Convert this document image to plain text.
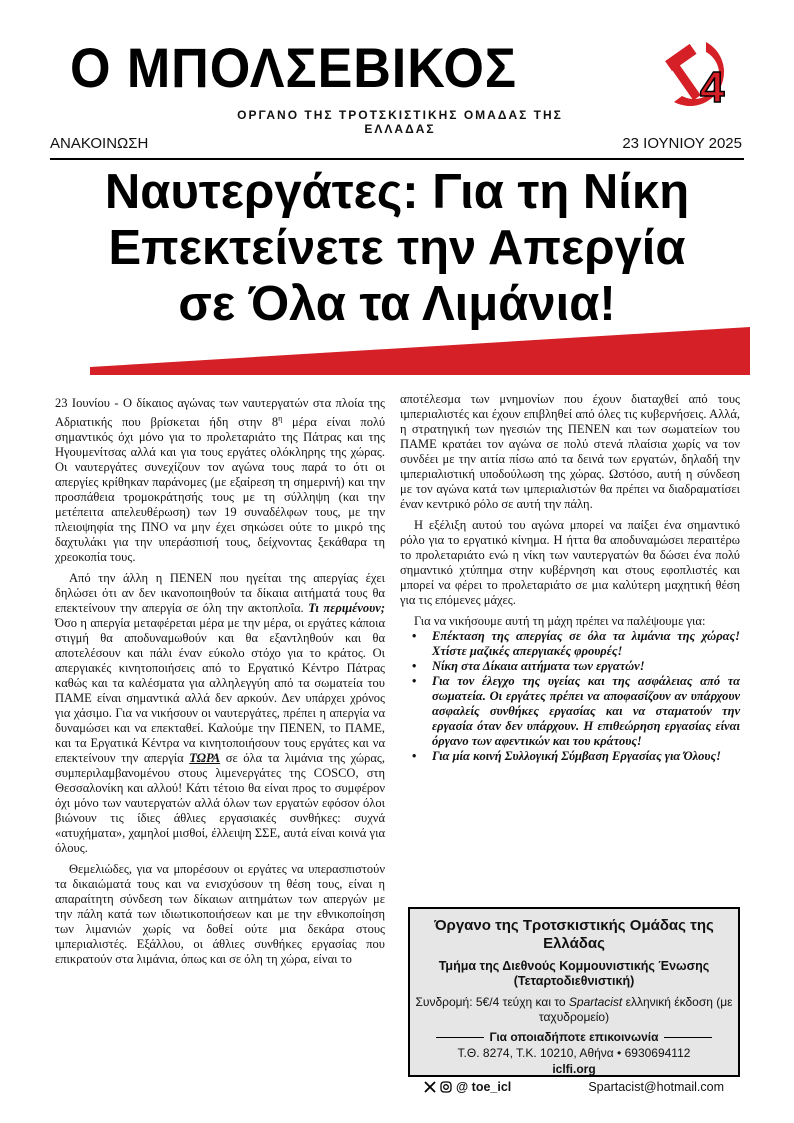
Ο ΜΠΟΛΣΕΒΙΚΟΣ	4
ΟΡΓΑΝΟ ΤΗΣ ΤΡΟΤΣΚΙΣΤΙΚΗΣ ΟΜΑΔΑΣ ΤΗΣ ΕΛΛΑΔΑΣ
ΑΝΑΚΟΙΝΩΣΗ	23 ΙΟΥΝΙΟΥ 2025
Ναυτεργάτες: Για τη Νίκη
Επεκτείνετε την Απεργία
σε Όλα τα Λιμάνια!

23 Ιουνίου - Ο δίκαιος αγώνας των ναυτεργατών στα πλοία της Αδριατικής που βρίσκεται ήδη στην $8^\eta$ μέρα είναι πολύ σημαντικός όχι μόνο για το προλεταριάτο της Πάτρας και της Ηγουμενίτσας αλλά και για τους εργάτες ολόκληρης της χώρας. Οι ναυτεργάτες συνεχίζουν τον αγώνα τους παρά το ότι οι απεργίες κρίθηκαν παράνομες (με εξαίρεση τη σημερινή) και την προσπάθεια τρομοκράτησής τους με τη σύλληψη (και την μετέπειτα απελευθέρωση) των 19 συναδέλφων τους, με την πλειοψηφία της ΠΝΟ να μην έχει σηκώσει ούτε το μικρό της δαχτυλάκι για την υπεράσπισή τους, δείχνοντας ξεκάθαρα τη χρεοκοπία τους.

Από την άλλη η ΠΕΝΕΝ που ηγείται της απεργίας έχει δηλώσει ότι αν δεν ικανοποιηθούν τα δίκαια αιτήματά τους θα επεκτείνουν την απεργία σε όλη την ακτοπλοΐα. Τι περιμένουν; Όσο η απεργία μεταφέρεται μέρα με την μέρα, οι εργάτες κάποια στιγμή θα αποδυναμωθούν και θα εξαντληθούν και θα αποτελέσουν και πάλι έναν εύκολο στόχο για το κράτος. Οι απεργιακές κινητοποιήσεις από το Εργατικό Κέντρο Πάτρας καθώς και τα καλέσματα για αλληλεγγύη από τα σωματεία του ΠΑΜΕ είναι σημαντικά αλλά δεν αρκούν. Δεν υπάρχει χρόνος για χάσιμο. Για να νικήσουν οι ναυτεργάτες, πρέπει η απεργία να δυναμώσει και να επεκταθεί. Καλούμε την ΠΕΝΕΝ, το ΠΑΜΕ, και τα Εργατικά Κέντρα να κινητοποιήσουν τους εργάτες και να επεκτείνουν την απεργία ΤΩΡΑ σε όλα τα λιμάνια της χώρας, συμπεριλαμβανομένου στους λιμενεργάτες της COSCO, στη Θεσσαλονίκη και αλλού! Κάτι τέτοιο θα είναι προς το συμφέρον όχι μόνο των ναυτεργατών αλλά όλων των εργατών εφόσον όλοι βιώνουν τις ίδιες άθλιες εργασιακές συνθήκες: συχνά «ατυχήματα», χαμηλοί μισθοί, έλλειψη ΣΣΕ, αυτά είναι κοινά για όλους.

Θεμελιώδες, για να μπορέσουν οι εργάτες να υπερασπιστούν τα δικαιώματά τους και να ενισχύσουν τη θέση τους, είναι η απαραίτητη σύνδεση των δίκαιων αιτημάτων των απεργών με την πάλη κατά των ιδιωτικοποιήσεων και με την εθνικοποίηση των λιμανιών χωρίς να δοθεί ούτε μια δεκάρα στους ιμπεριαλιστές. Εξάλλου, οι άθλιες συνθήκες εργασίας που επικρατούν στα λιμάνια, όπως και σε όλη τη χώρα, είναι το

αποτέλεσμα των μνημονίων που έχουν διαταχθεί από τους ιμπεριαλιστές και έχουν επιβληθεί από όλες τις κυβερνήσεις. Αλλά, η στρατηγική των ηγεσιών της ΠΕΝΕΝ και των σωματείων του ΠΑΜΕ κρατάει τον αγώνα σε πολύ στενά πλαίσια χωρίς να τον συνδέει με την αιτία πίσω από τα δεινά των εργατών, δηλαδή την ιμπεριαλιστική υποδούλωση της χώρας. Ωστόσο, αυτή η σύνδεση με τον αγώνα κατά των ιμπεριαλιστών θα πρέπει να διαδραματίσει έναν κεντρικό ρόλο σε αυτή την πάλη.

Η εξέλιξη αυτού του αγώνα μπορεί να παίξει ένα σημαντικό ρόλο για το εργατικό κίνημα. Η ήττα θα αποδυναμώσει περαιτέρω το προλεταριάτο ενώ η νίκη των ναυτεργατών θα δώσει ένα πολύ σημαντικό χτύπημα στην κυβέρνηση και στους εφοπλιστές και μπορεί να φέρει το προλεταριάτο σε μια καλύτερη μαχητική θέση για τις επόμενες μάχες.

Για να νικήσουμε αυτή τη μάχη πρέπει να παλέψουμε για:

• Επέκταση της απεργίας σε όλα τα λιμάνια της χώρας! Χτίστε μαζικές απεργιακές φρουρές!
• Νίκη στα Δίκαια αιτήματα των εργατών!
• Για τον έλεγχο της υγείας και της ασφάλειας από τα σωματεία. Οι εργάτες πρέπει να αποφασίζουν αν υπάρχουν ασφαλείς συνθήκες εργασίας και να σταματούν την εργασία όταν δεν υπάρχουν. Η επιθεώρηση εργασίας είναι όργανο των αφεντικών και του κράτους!
• Για μία κοινή Συλλογική Σύμβαση Εργασίας για Όλους!
Όργανο της Τροτσκιστικής Ομάδας της Ελλάδας
Τμήμα της Διεθνούς Κομμουνιστικής Ένωσης (Τεταρτοδιεθνιστική)
Συνδρομή: 5€/4 τεύχη και το Spartacist ελληνική έκδοση (με ταχυδρομείο)
Για οποιαδήποτε επικοινωνία
Τ.Θ. 8274, Τ.Κ. 10210, Αθήνα • 6930694112
iclfi.org
@ toe_icl	Spartacist@hotmail.com
